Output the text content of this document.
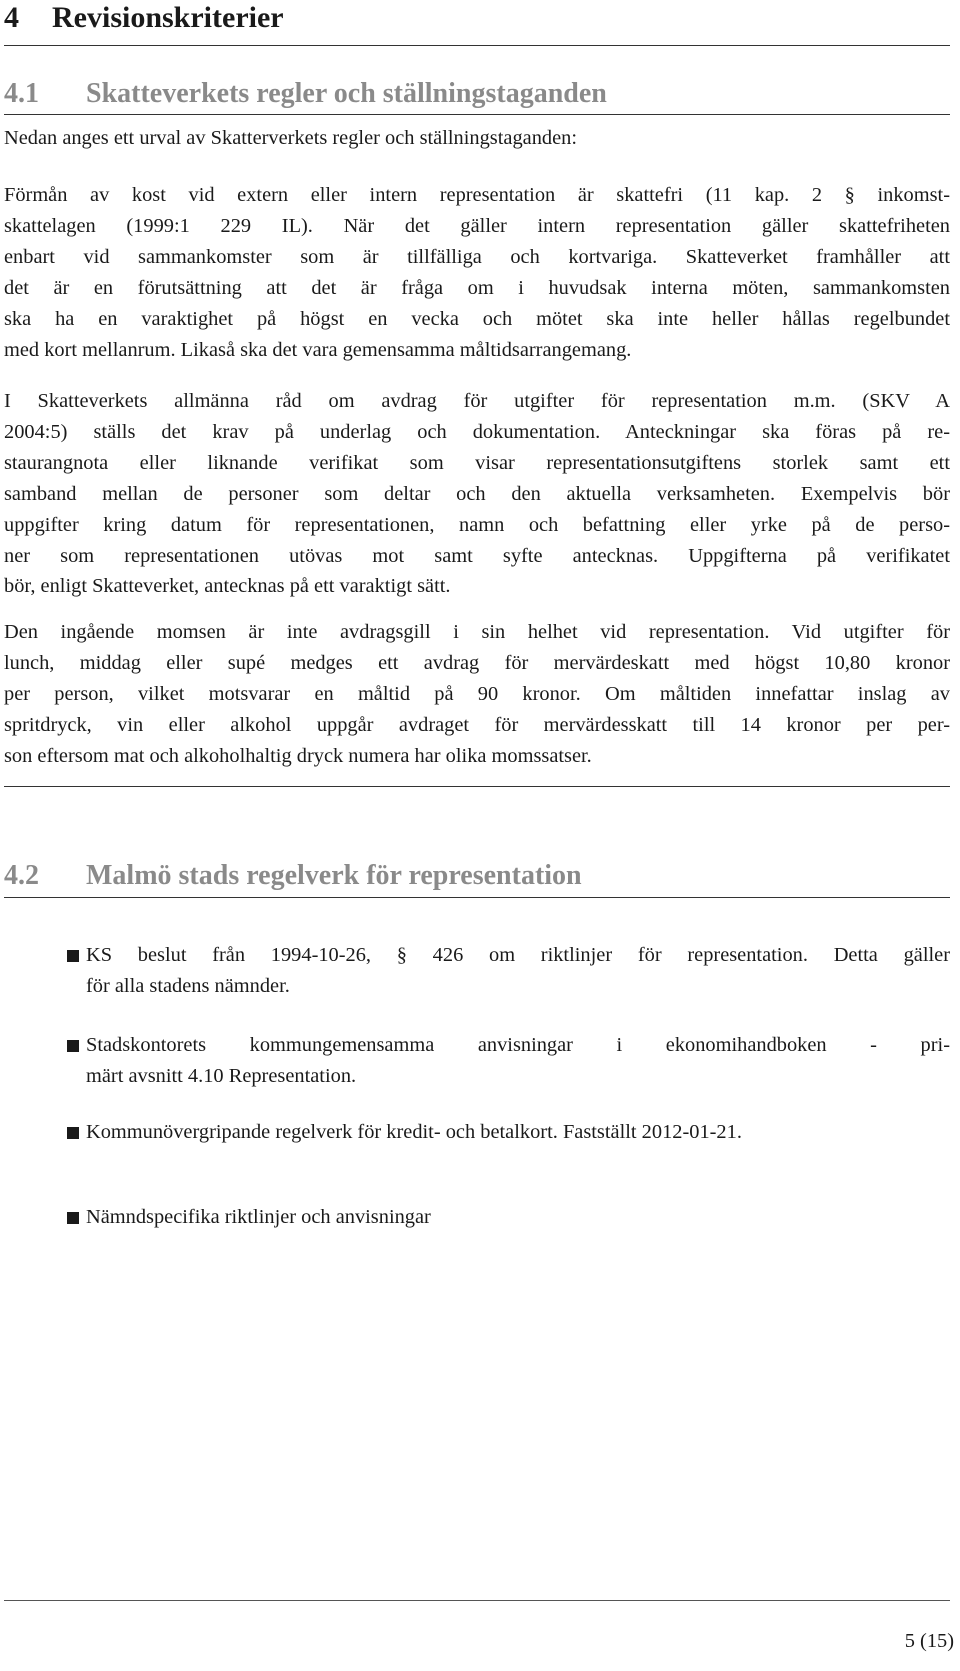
4 Revisionskriterier
4.1 Skatteverkets regler och ställningstaganden
Nedan anges ett urval av Skatterverkets regler och ställningstaganden:
Förmån av kost vid extern eller intern representation är skattefri (11 kap. 2 § inkomst-
skattelagen (1999:1 229 IL). När det gäller intern representation gäller skattefriheten
enbart vid sammankomster som är tillfälliga och kortvariga. Skatteverket framhåller att
det är en förutsättning att det är fråga om i huvudsak interna möten, sammankomsten
ska ha en varaktighet på högst en vecka och mötet ska inte heller hållas regelbundet
med kort mellanrum. Likaså ska det vara gemensamma måltidsarrangemang.
I Skatteverkets allmänna råd om avdrag för utgifter för representation m.m. (SKV A
2004:5) ställs det krav på underlag och dokumentation. Anteckningar ska föras på re-
staurangnota eller liknande verifikat som visar representationsutgiftens storlek samt ett
samband mellan de personer som deltar och den aktuella verksamheten. Exempelvis bör
uppgifter kring datum för representationen, namn och befattning eller yrke på de perso-
ner som representationen utövas mot samt syfte antecknas. Uppgifterna på verifikatet
bör, enligt Skatteverket, antecknas på ett varaktigt sätt.
Den ingående momsen är inte avdragsgill i sin helhet vid representation. Vid utgifter för
lunch, middag eller supé medges ett avdrag för mervärdeskatt med högst 10,80 kronor
per person, vilket motsvarar en måltid på 90 kronor. Om måltiden innefattar inslag av
spritdryck, vin eller alkohol uppgår avdraget för mervärdesskatt till 14 kronor per per-
son eftersom mat och alkoholhaltig dryck numera har olika momssatser.
4.2 Malmö stads regelverk för representation
KS beslut från 1994-10-26, § 426 om riktlinjer för representation. Detta gäller
för alla stadens nämnder.
Stadskontorets kommungemensamma anvisningar i ekonomihandboken - pri-
märt avsnitt 4.10 Representation.
Kommunövergripande regelverk för kredit- och betalkort. Fastställt 2012-01-21.
Nämndspecifika riktlinjer och anvisningar
5 (15)
